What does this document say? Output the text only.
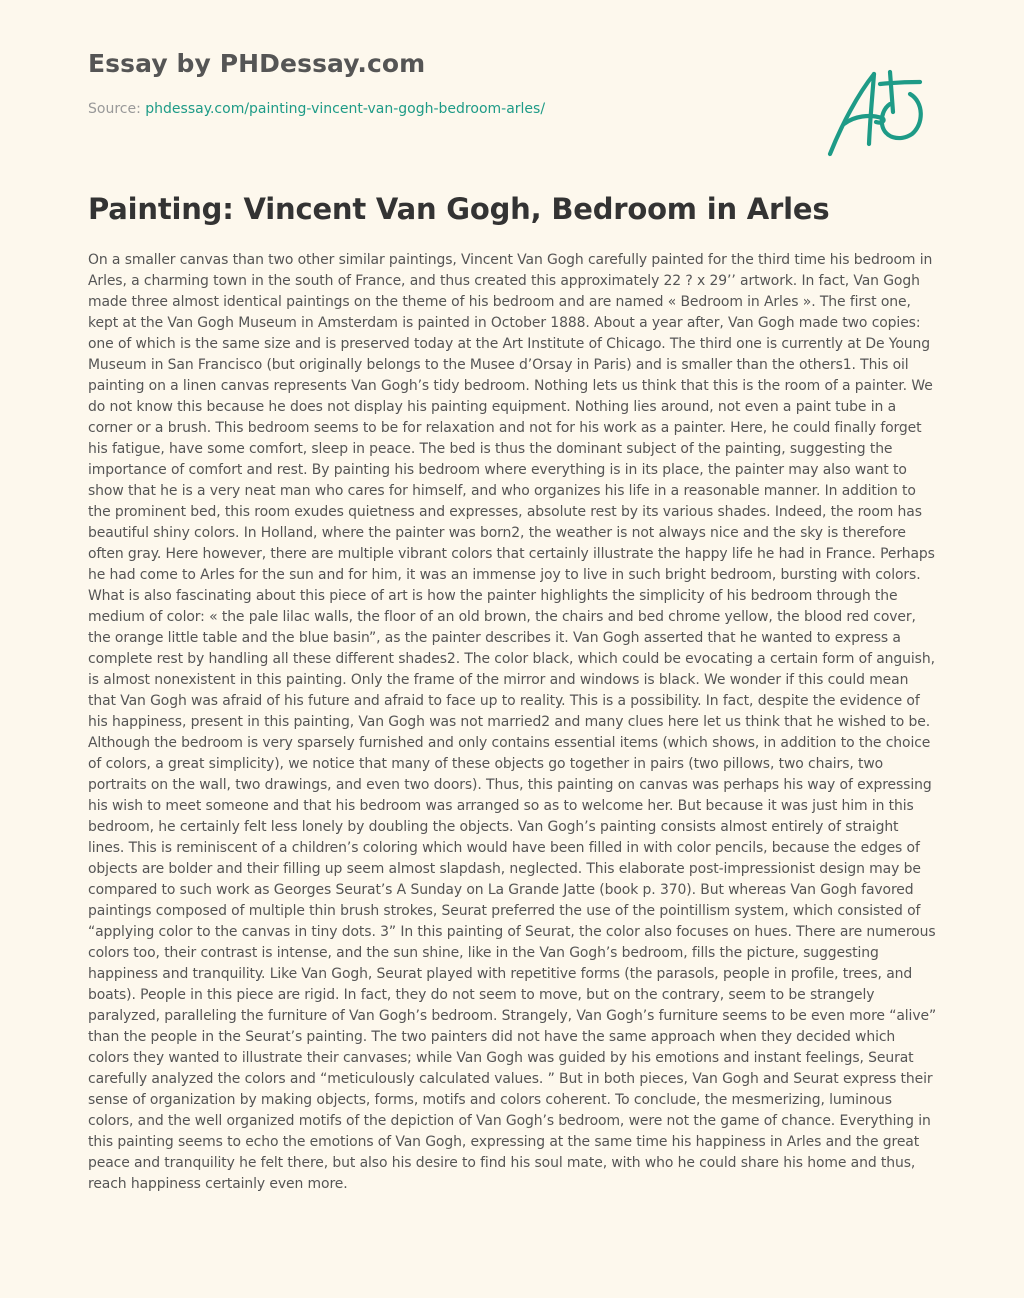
Essay by PHDessay.com
Source: phdessay.com/painting-vincent-van-gogh-bedroom-arles/
Painting: Vincent Van Gogh, Bedroom in Arles

On a smaller canvas than two other similar paintings, Vincent Van Gogh carefully painted for the third time his bedroom in Arles, a charming town in the south of France, and thus created this approximately 22 ? x 29’’ artwork. In fact, Van Gogh made three almost identical paintings on the theme of his bedroom and are named « Bedroom in Arles ». The first one, kept at the Van Gogh Museum in Amsterdam is painted in October 1888. About a year after, Van Gogh made two copies: one of which is the same size and is preserved today at the Art Institute of Chicago. The third one is currently at De Young Museum in San Francisco (but originally belongs to the Musee d’Orsay in Paris) and is smaller than the others1. This oil painting on a linen canvas represents Van Gogh’s tidy bedroom. Nothing lets us think that this is the room of a painter. We do not know this because he does not display his painting equipment. Nothing lies around, not even a paint tube in a corner or a brush. This bedroom seems to be for relaxation and not for his work as a painter. Here, he could finally forget his fatigue, have some comfort, sleep in peace. The bed is thus the dominant subject of the painting, suggesting the importance of comfort and rest. By painting his bedroom where everything is in its place, the painter may also want to show that he is a very neat man who cares for himself, and who organizes his life in a reasonable manner. In addition to the prominent bed, this room exudes quietness and expresses, absolute rest by its various shades. Indeed, the room has beautiful shiny colors. In Holland, where the painter was born2, the weather is not always nice and the sky is therefore often gray. Here however, there are multiple vibrant colors that certainly illustrate the happy life he had in France. Perhaps he had come to Arles for the sun and for him, it was an immense joy to live in such bright bedroom, bursting with colors. What is also fascinating about this piece of art is how the painter highlights the simplicity of his bedroom through the medium of color: « the pale lilac walls, the floor of an old brown, the chairs and bed chrome yellow, the blood red cover, the orange little table and the blue basin”, as the painter describes it. Van Gogh asserted that he wanted to express a complete rest by handling all these different shades2. The color black, which could be evocating a certain form of anguish, is almost nonexistent in this painting. Only the frame of the mirror and windows is black. We wonder if this could mean that Van Gogh was afraid of his future and afraid to face up to reality. This is a possibility. In fact, despite the evidence of his happiness, present in this painting, Van Gogh was not married2 and many clues here let us think that he wished to be. Although the bedroom is very sparsely furnished and only contains essential items (which shows, in addition to the choice of colors, a great simplicity), we notice that many of these objects go together in pairs (two pillows, two chairs, two portraits on the wall, two drawings, and even two doors). Thus, this painting on canvas was perhaps his way of expressing his wish to meet someone and that his bedroom was arranged so as to welcome her. But because it was just him in this bedroom, he certainly felt less lonely by doubling the objects. Van Gogh’s painting consists almost entirely of straight lines. This is reminiscent of a children’s coloring which would have been filled in with color pencils, because the edges of objects are bolder and their filling up seem almost slapdash, neglected. This elaborate post-impressionist design may be compared to such work as Georges Seurat’s A Sunday on La Grande Jatte (book p. 370). But whereas Van Gogh favored paintings composed of multiple thin brush strokes, Seurat preferred the use of the pointillism system, which consisted of “applying color to the canvas in tiny dots. 3” In this painting of Seurat, the color also focuses on hues. There are numerous colors too, their contrast is intense, and the sun shine, like in the Van Gogh’s bedroom, fills the picture, suggesting happiness and tranquility. Like Van Gogh, Seurat played with repetitive forms (the parasols, people in profile, trees, and boats). People in this piece are rigid. In fact, they do not seem to move, but on the contrary, seem to be strangely paralyzed, paralleling the furniture of Van Gogh’s bedroom. Strangely, Van Gogh’s furniture seems to be even more “alive” than the people in the Seurat’s painting. The two painters did not have the same approach when they decided which colors they wanted to illustrate their canvases; while Van Gogh was guided by his emotions and instant feelings, Seurat carefully analyzed the colors and “meticulously calculated values. ” But in both pieces, Van Gogh and Seurat express their sense of organization by making objects, forms, motifs and colors coherent. To conclude, the mesmerizing, luminous colors, and the well organized motifs of the depiction of Van Gogh’s bedroom, were not the game of chance. Everything in this painting seems to echo the emotions of Van Gogh, expressing at the same time his happiness in Arles and the great peace and tranquility he felt there, but also his desire to find his soul mate, with who he could share his home and thus, reach happiness certainly even more.
